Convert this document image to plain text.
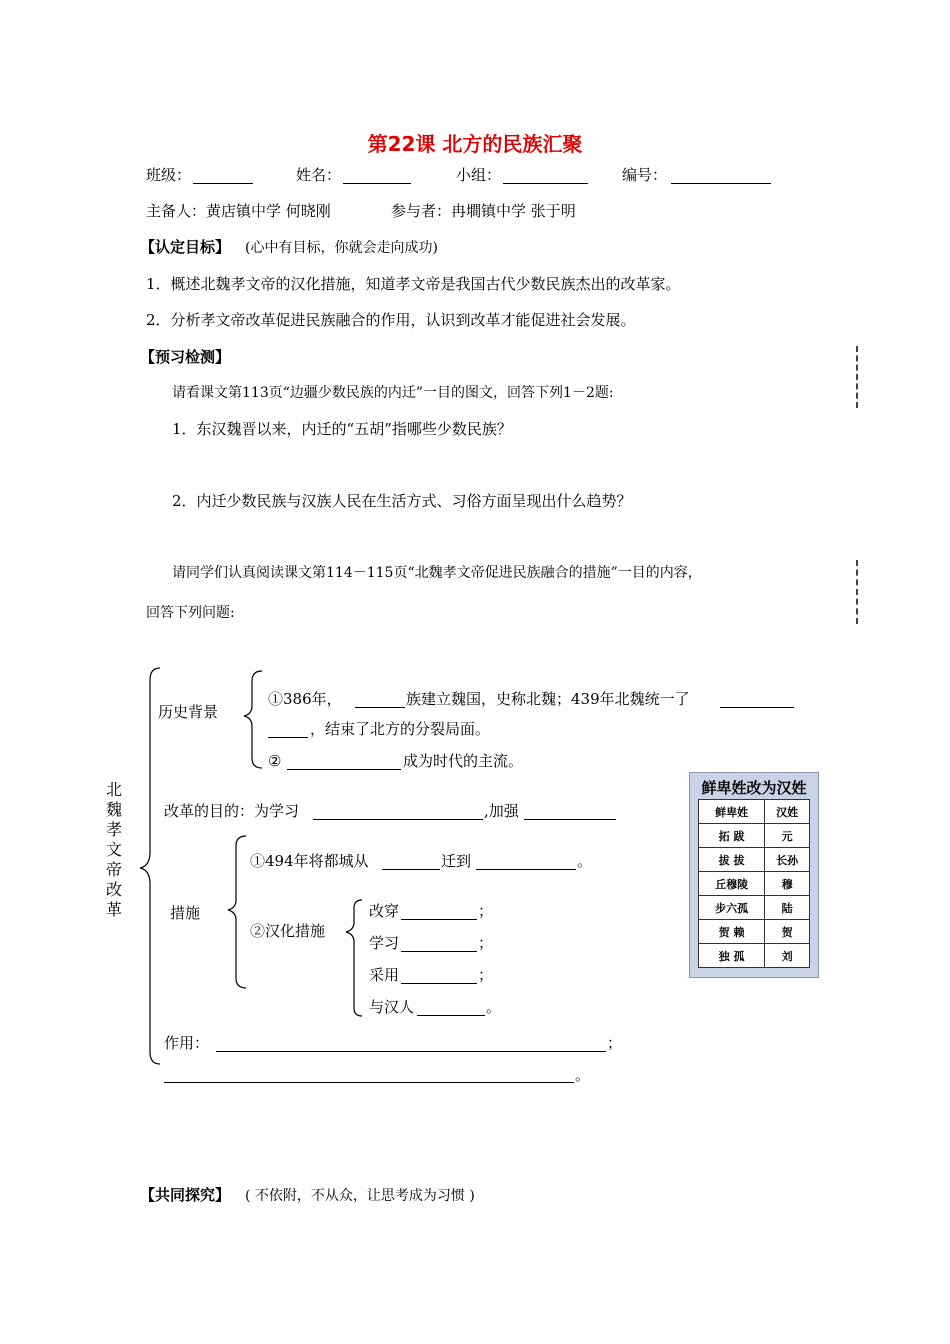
第22课 北方的民族汇聚
班级：	姓名：	小组：	编号：
主备人：黄店镇中学 何晓刚	参与者：冉墹镇中学 张于明
【认定目标】 (心中有目标，你就会走向成功)
1．概述北魏孝文帝的汉化措施，知道孝文帝是我国古代少数民族杰出的改革家。
2．分析孝文帝改革促进民族融合的作用，认识到改革才能促进社会发展。
【预习检测】
请看课文第113页“边疆少数民族的内迁”一目的图文，回答下列1－2题:
1．东汉魏晋以来，内迁的“五胡”指哪些少数民族？
2．内迁少数民族与汉族人民在生活方式、习俗方面呈现出什么趋势？
请同学们认真阅读课文第114－115页“北魏孝文帝促进民族融合的措施”一目的内容，
回答下列问题:
北魏孝文帝改革
历史背景
①386年，	族建立魏国，史称北魏；439年北魏统一了
，结束了北方的分裂局面。
②	成为时代的主流。
改革的目的：为学习	,加强
措施
①494年将都城从	迁到	。
②汉化措施
改穿	；
学习	；
采用	；
与汉人	。
作用：	；
。
鲜卑姓改为汉姓
鲜卑姓	汉姓
拓 跋	元
拔 拔	长孙
丘穆陵	穆
步六孤	陆
贺 赖	贺
独 孤	刘
【共同探究】 ( 不依附，不从众，让思考成为习惯 )
